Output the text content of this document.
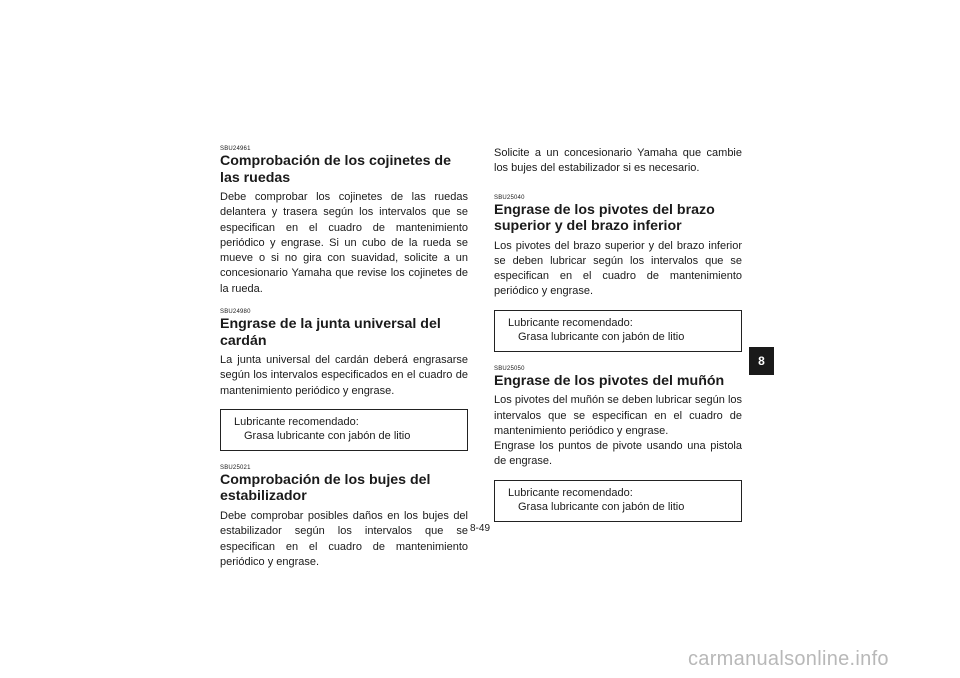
SBU24961

Comprobación de los cojinetes de las ruedas

Debe comprobar los cojinetes de las ruedas delantera y trasera según los intervalos que se especifican en el cuadro de mantenimiento periódico y engrase. Si un cubo de la rueda se mueve o si no gira con suavidad, solicite a un concesionario Yamaha que revise los cojinetes de la rueda.

SBU24980

Engrase de la junta universal del cardán

La junta universal del cardán deberá engrasarse según los intervalos especificados en el cuadro de mantenimiento periódico y engrase.

Lubricante recomendado:
Grasa lubricante con jabón de litio

SBU25021

Comprobación de los bujes del estabilizador

Debe comprobar posibles daños en los bujes del estabilizador según los intervalos que se especifican en el cuadro de mantenimiento periódico y engrase.

Solicite a un concesionario Yamaha que cambie los bujes del estabilizador si es necesario.

SBU25040

Engrase de los pivotes del brazo superior y del brazo inferior

Los pivotes del brazo superior y del brazo inferior se deben lubricar según los intervalos que se especifican en el cuadro de mantenimiento periódico y engrase.

Lubricante recomendado:
Grasa lubricante con jabón de litio

SBU25050

Engrase de los pivotes del muñón

Los pivotes del muñón se deben lubricar según los intervalos que se especifican en el cuadro de mantenimiento periódico y engrase.

Engrase los puntos de pivote usando una pistola de engrase.

Lubricante recomendado:
Grasa lubricante con jabón de litio
8
8-49
carmanualsonline.info
